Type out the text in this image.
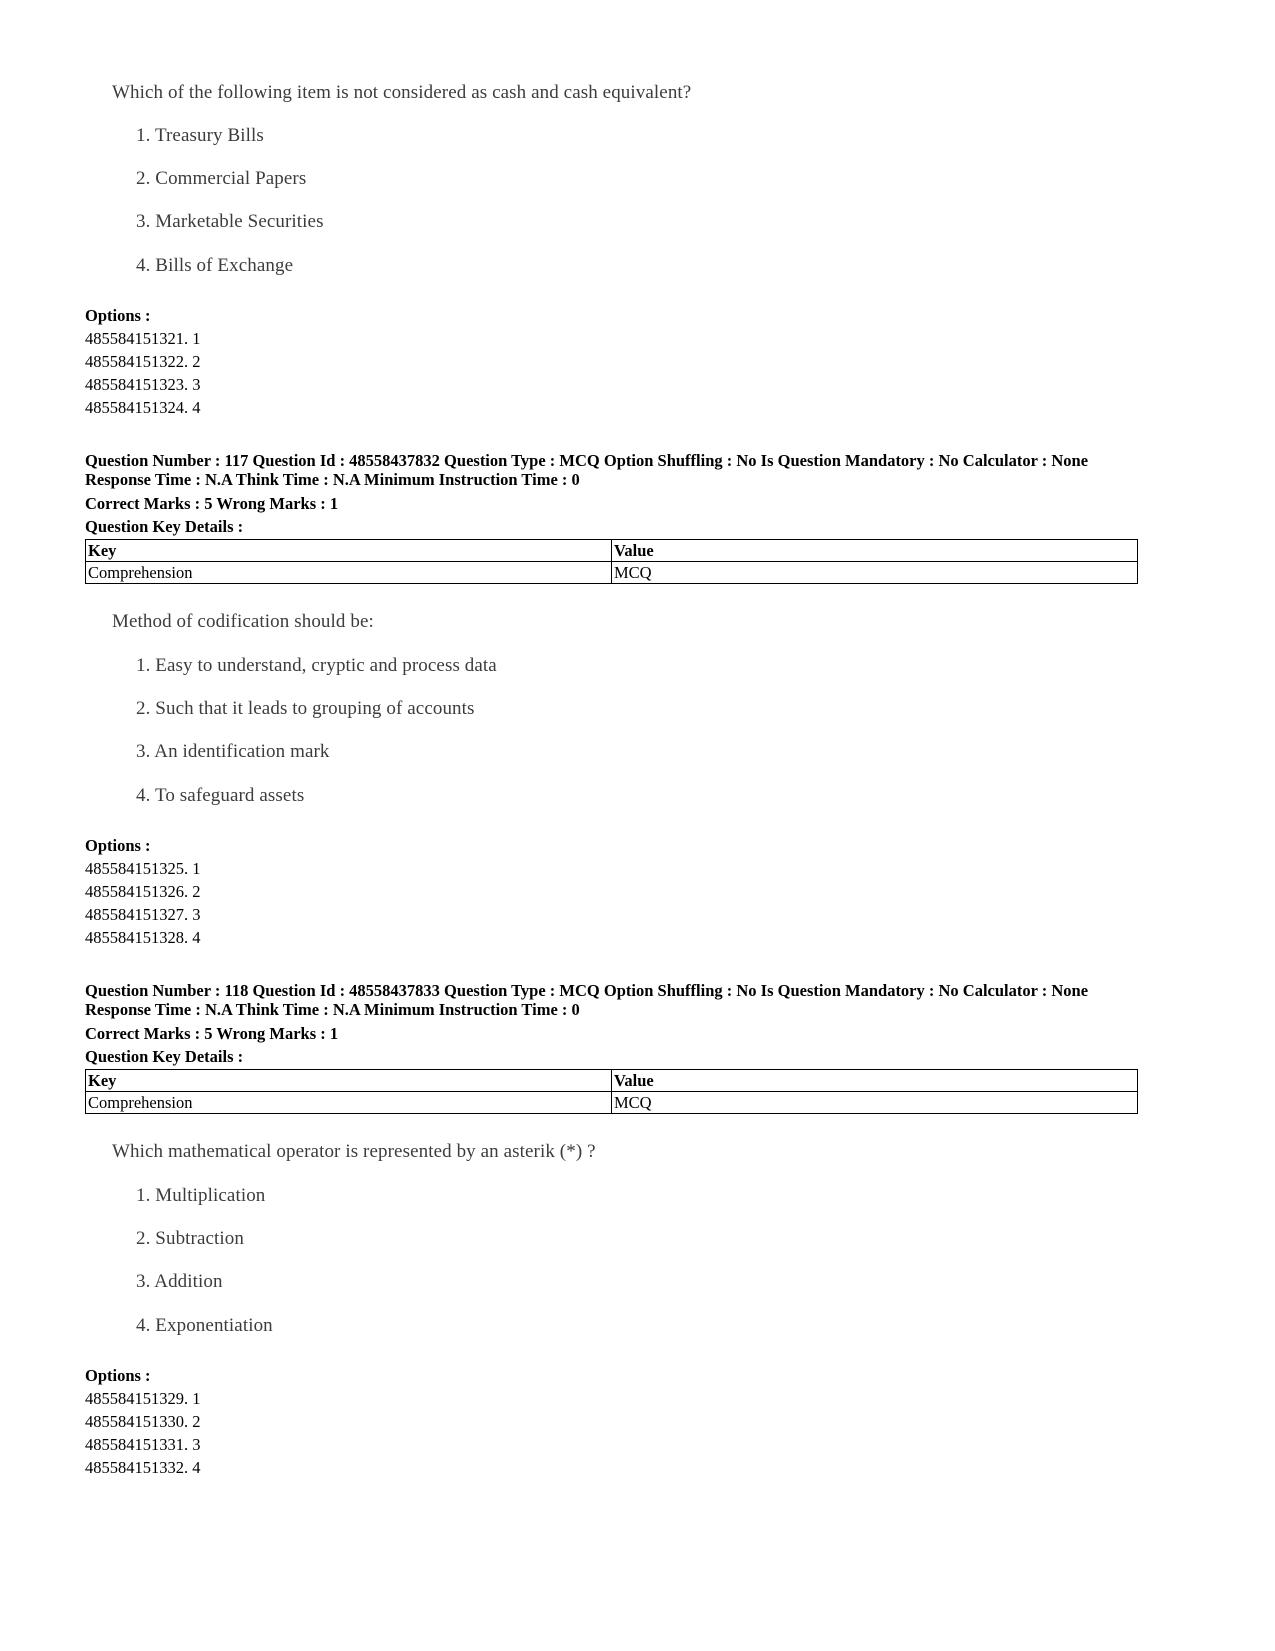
Which of the following item is not considered as cash and cash equivalent?

1. Treasury Bills

2. Commercial Papers

3. Marketable Securities

4. Bills of Exchange

Options :

485584151321. 1

485584151322. 2

485584151323. 3

485584151324. 4

Question Number : 117 Question Id : 48558437832 Question Type : MCQ Option Shuffling : No Is Question Mandatory : No Calculator : None

Response Time : N.A Think Time : N.A Minimum Instruction Time : 0

Correct Marks : 5 Wrong Marks : 1

Question Key Details :

Key	Value
Comprehension	MCQ

Method of codification should be:

1. Easy to understand, cryptic and process data

2. Such that it leads to grouping of accounts

3. An identification mark

4. To safeguard assets

Options :

485584151325. 1

485584151326. 2

485584151327. 3

485584151328. 4

Question Number : 118 Question Id : 48558437833 Question Type : MCQ Option Shuffling : No Is Question Mandatory : No Calculator : None

Response Time : N.A Think Time : N.A Minimum Instruction Time : 0

Correct Marks : 5 Wrong Marks : 1

Question Key Details :

Key	Value
Comprehension	MCQ

Which mathematical operator is represented by an asterik (*) ?

1. Multiplication

2. Subtraction

3. Addition

4. Exponentiation

Options :

485584151329. 1

485584151330. 2

485584151331. 3

485584151332. 4
